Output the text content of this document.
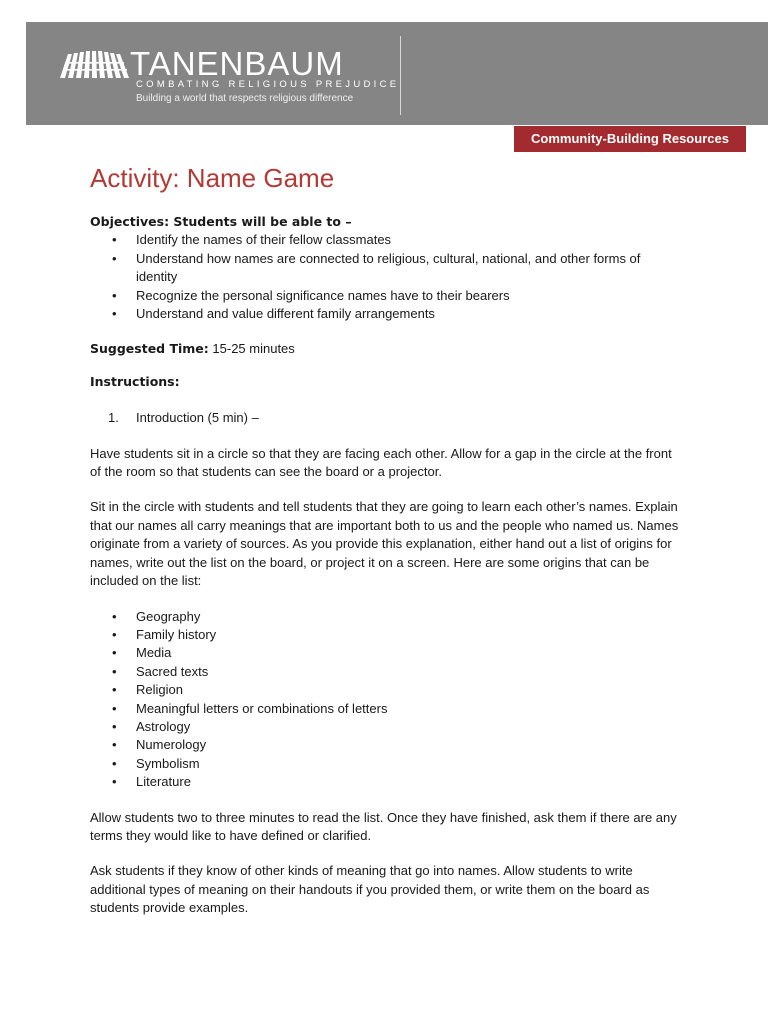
TANENBAUM
COMBATING RELIGIOUS PREJUDICE
Building a world that respects religious difference
Community-Building Resources
Activity: Name Game
Objectives: Students will be able to –
• Identify the names of their fellow classmates
• Understand how names are connected to religious, cultural, national, and other forms of identity
• Recognize the personal significance names have to their bearers
• Understand and value different family arrangements
Suggested Time: 15-25 minutes
Instructions:
1. Introduction (5 min) –

Have students sit in a circle so that they are facing each other. Allow for a gap in the circle at the front of the room so that students can see the board or a projector.

Sit in the circle with students and tell students that they are going to learn each other’s names. Explain that our names all carry meanings that are important both to us and the people who named us. Names originate from a variety of sources. As you provide this explanation, either hand out a list of origins for names, write out the list on the board, or project it on a screen. Here are some origins that can be included on the list:

• Geography
• Family history
• Media
• Sacred texts
• Religion
• Meaningful letters or combinations of letters
• Astrology
• Numerology
• Symbolism
• Literature

Allow students two to three minutes to read the list. Once they have finished, ask them if there are any terms they would like to have defined or clarified.

Ask students if they know of other kinds of meaning that go into names. Allow students to write additional types of meaning on their handouts if you provided them, or write them on the board as students provide examples.
